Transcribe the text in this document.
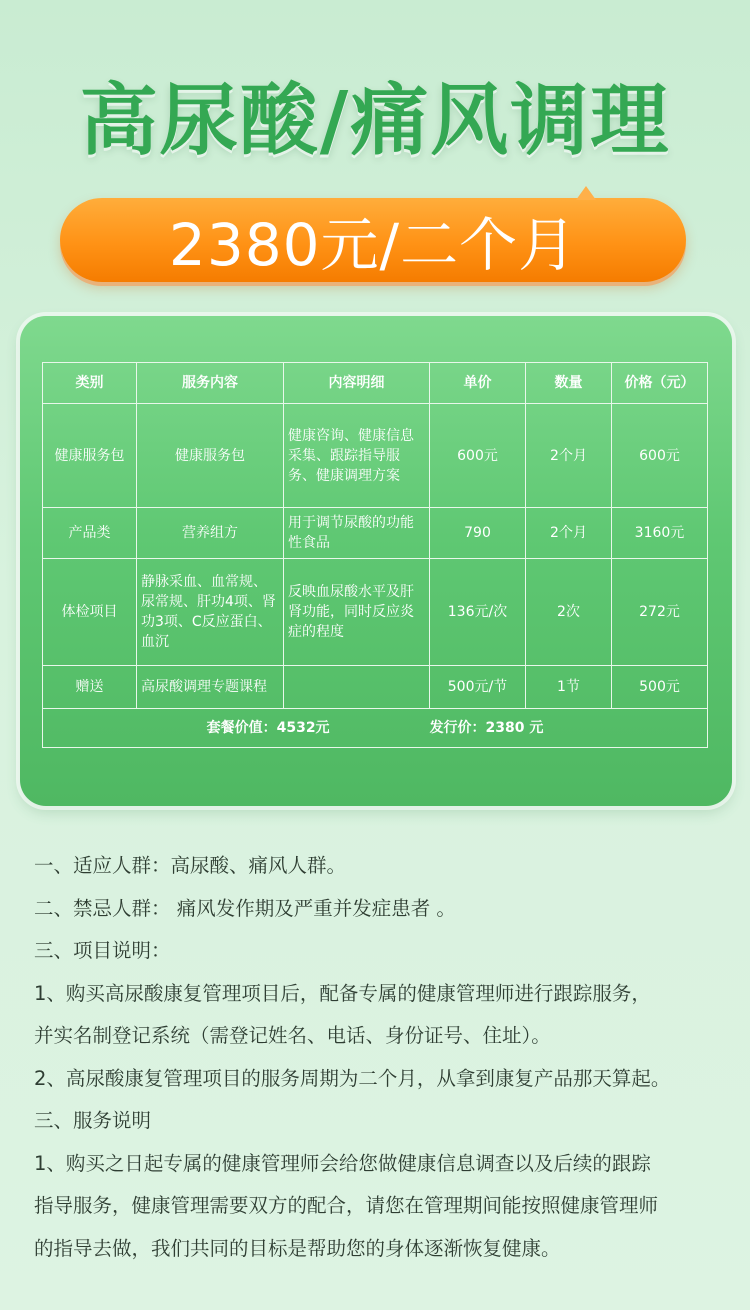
高尿酸/痛风调理
2380元/二个月
类别	服务内容	内容明细	单价	数量	价格（元）
健康服务包	健康服务包	健康咨询、健康信息采集、跟踪指导服务、健康调理方案	600元	2个月	600元
产品类	营养组方	用于调节尿酸的功能性食品	790	2个月	3160元
体检项目	静脉采血、血常规、尿常规、肝功4项、肾功3项、C反应蛋白、血沉	反映血尿酸水平及肝肾功能，同时反应炎症的程度	136元/次	2次	272元
赠送	高尿酸调理专题课程		500元/节	1节	500元
套餐价值：4532元 发行价：2380 元					

一、适应人群：高尿酸、痛风人群。

二、禁忌人群： 痛风发作期及严重并发症患者 。

三、项目说明：

1、购买高尿酸康复管理项目后，配备专属的健康管理师进行跟踪服务，

并实名制登记系统（需登记姓名、电话、身份证号、住址）。

2、高尿酸康复管理项目的服务周期为二个月，从拿到康复产品那天算起。

三、服务说明

1、购买之日起专属的健康管理师会给您做健康信息调查以及后续的跟踪

指导服务，健康管理需要双方的配合，请您在管理期间能按照健康管理师

的指导去做，我们共同的目标是帮助您的身体逐渐恢复健康。
